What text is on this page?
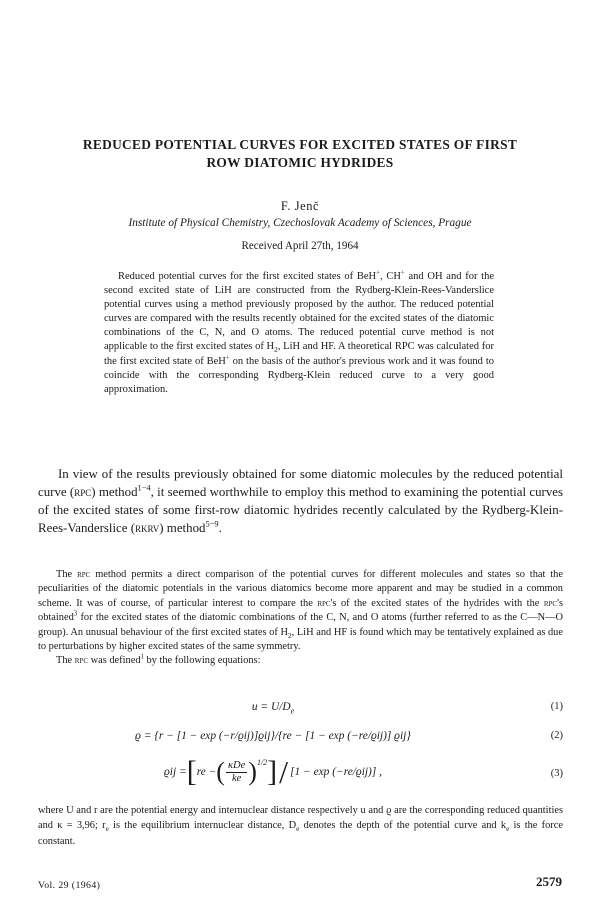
REDUCED POTENTIAL CURVES FOR EXCITED STATES OF FIRST
ROW DIATOMIC HYDRIDES
F. Jenč
Institute of Physical Chemistry, Czechoslovak Academy of Sciences, Prague
Received April 27th, 1964
Reduced potential curves for the first excited states of BeH+, CH+ and OH and for the second excited state of LiH are constructed from the Rydberg-Klein-Rees-Vanderslice potential curves using a method previously proposed by the author. The reduced potential curves are compared with the results recently obtained for the excited states of the diatomic combinations of the C, N, and O atoms. The reduced potential curve method is not applicable to the first excited states of $H_2$, LiH and HF. A theoretical RPC was calculated for the first excited state of BeH+ on the basis of the author's previous work and it was found to coincide with the corresponding Rydberg-Klein reduced curve to a very good approximation.
In view of the results previously obtained for some diatomic molecules by the reduced potential curve (rpc) method$^{1-4}$, it seemed worthwhile to employ this method to examining the potential curves of the excited states of some first-row diatomic hydrides recently calculated by the Rydberg-Klein-Rees-Vanderslice (rkrv) method$^{5-9}$.
The rpc method permits a direct comparison of the potential curves for different molecules and states so that the peculiarities of the diatomic potentials in the various diatomics become more apparent and may be studied in a common scheme. It was of course, of particular interest to compare the rpc's of the excited states of the hydrides with the rpc's obtained$^3$ for the excited states of the diatomic combinations of the C, N, and O atoms (further referred to as the C—N—O group). An unusual behaviour of the first excited states of $H_2$, LiH and HF is found which may be tentatively explained as due to perturbations by higher excited states of the same symmetry.
The rpc was defined$^1$ by the following equations:
$u = U/D_e$	(1)
ϱ = {r − [1 − exp (−r/ϱij)]ϱij}/{re − [1 − exp (−re/ϱij)] ϱij}	(2)
ϱij = [ re − ( $\frac{\text{κDe}}{ke}$ ) 1/2 ] / [1 − exp (−re/ϱij)] ,	(3)
where U and r are the potential energy and internuclear distance respectively u and ϱ are the corresponding reduced quantities and κ = 3,96; $r_e$ is the equilibrium internuclear distance, $D_e$ denotes the depth of the potential curve and $k_e$ is the force constant.
Vol. 29 (1964)	2579
